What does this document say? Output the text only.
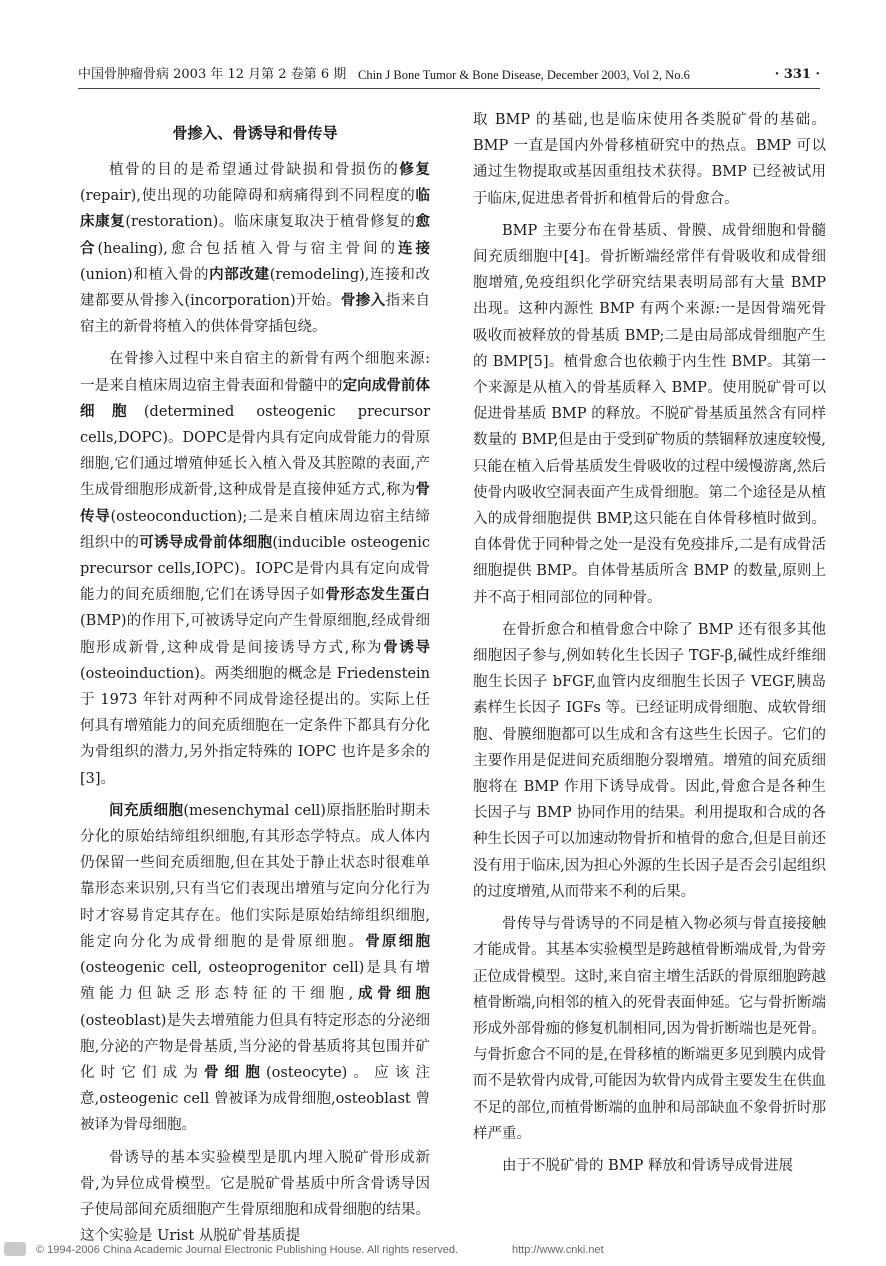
中国骨肿瘤骨病 2003 年 12 月第 2 卷第 6 期 Chin J Bone Tumor & Bone Disease, December 2003, Vol 2, No.6	· 331 ·

骨掺入、骨诱导和骨传导

植骨的目的是希望通过骨缺损和骨损伤的修复(repair),使出现的功能障碍和病痛得到不同程度的临床康复(restoration)。临床康复取决于植骨修复的愈合(healing),愈合包括植入骨与宿主骨间的连接(union)和植入骨的内部改建(remodeling),连接和改建都要从骨掺入(incorporation)开始。骨掺入指来自宿主的新骨将植入的供体骨穿插包绕。

在骨掺入过程中来自宿主的新骨有两个细胞来源:一是来自植床周边宿主骨表面和骨髓中的定向成骨前体细胞(determined osteogenic precursor cells,DOPC)。DOPC是骨内具有定向成骨能力的骨原细胞,它们通过增殖伸延长入植入骨及其腔隙的表面,产生成骨细胞形成新骨,这种成骨是直接伸延方式,称为骨传导(osteoconduction);二是来自植床周边宿主结缔组织中的可诱导成骨前体细胞(inducible osteogenic precursor cells,IOPC)。IOPC是骨内具有定向成骨能力的间充质细胞,它们在诱导因子如骨形态发生蛋白(BMP)的作用下,可被诱导定向产生骨原细胞,经成骨细胞形成新骨,这种成骨是间接诱导方式,称为骨诱导(osteoinduction)。两类细胞的概念是 Friedenstein 于 1973 年针对两种不同成骨途径提出的。实际上任何具有增殖能力的间充质细胞在一定条件下都具有分化为骨组织的潜力,另外指定特殊的 IOPC 也许是多余的[3]。

间充质细胞(mesenchymal cell)原指胚胎时期未分化的原始结缔组织细胞,有其形态学特点。成人体内仍保留一些间充质细胞,但在其处于静止状态时很难单靠形态来识别,只有当它们表现出增殖与定向分化行为时才容易肯定其存在。他们实际是原始结缔组织细胞,能定向分化为成骨细胞的是骨原细胞。骨原细胞(osteogenic cell, osteoprogenitor cell)是具有增殖能力但缺乏形态特征的干细胞,成骨细胞(osteoblast)是失去增殖能力但具有特定形态的分泌细胞,分泌的产物是骨基质,当分泌的骨基质将其包围并矿化时它们成为骨细胞(osteocyte)。应该注意,osteogenic cell 曾被译为成骨细胞,osteoblast 曾被译为骨母细胞。

骨诱导的基本实验模型是肌内埋入脱矿骨形成新骨,为异位成骨模型。它是脱矿骨基质中所含骨诱导因子使局部间充质细胞产生骨原细胞和成骨细胞的结果。这个实验是 Urist 从脱矿骨基质提

取 BMP 的基础,也是临床使用各类脱矿骨的基础。BMP 一直是国内外骨移植研究中的热点。BMP 可以通过生物提取或基因重组技术获得。BMP 已经被试用于临床,促进患者骨折和植骨后的骨愈合。

BMP 主要分布在骨基质、骨膜、成骨细胞和骨髓间充质细胞中[4]。骨折断端经常伴有骨吸收和成骨细胞增殖,免疫组织化学研究结果表明局部有大量 BMP 出现。这种内源性 BMP 有两个来源:一是因骨端死骨吸收而被释放的骨基质 BMP;二是由局部成骨细胞产生的 BMP[5]。植骨愈合也依赖于内生性 BMP。其第一个来源是从植入的骨基质释入 BMP。使用脱矿骨可以促进骨基质 BMP 的释放。不脱矿骨基质虽然含有同样数量的 BMP,但是由于受到矿物质的禁锢释放速度较慢,只能在植入后骨基质发生骨吸收的过程中缓慢游离,然后使骨内吸收空洞表面产生成骨细胞。第二个途径是从植入的成骨细胞提供 BMP,这只能在自体骨移植时做到。自体骨优于同种骨之处一是没有免疫排斥,二是有成骨活细胞提供 BMP。自体骨基质所含 BMP 的数量,原则上并不高于相同部位的同种骨。

在骨折愈合和植骨愈合中除了 BMP 还有很多其他细胞因子参与,例如转化生长因子 TGF-β,碱性成纤维细胞生长因子 bFGF,血管内皮细胞生长因子 VEGF,胰岛素样生长因子 IGFs 等。已经证明成骨细胞、成软骨细胞、骨膜细胞都可以生成和含有这些生长因子。它们的主要作用是促进间充质细胞分裂增殖。增殖的间充质细胞将在 BMP 作用下诱导成骨。因此,骨愈合是各种生长因子与 BMP 协同作用的结果。利用提取和合成的各种生长因子可以加速动物骨折和植骨的愈合,但是目前还没有用于临床,因为担心外源的生长因子是否会引起组织的过度增殖,从而带来不利的后果。

骨传导与骨诱导的不同是植入物必须与骨直接接触才能成骨。其基本实验模型是跨越植骨断端成骨,为骨旁正位成骨模型。这时,来自宿主增生活跃的骨原细胞跨越植骨断端,向相邻的植入的死骨表面伸延。它与骨折断端形成外部骨痂的修复机制相同,因为骨折断端也是死骨。与骨折愈合不同的是,在骨移植的断端更多见到膜内成骨而不是软骨内成骨,可能因为软骨内成骨主要发生在供血不足的部位,而植骨断端的血肿和局部缺血不象骨折时那样严重。

由于不脱矿骨的 BMP 释放和骨诱导成骨进展

© 1994-2006 China Academic Journal Electronic Publishing House. All rights reserved.	http://www.cnki.net
